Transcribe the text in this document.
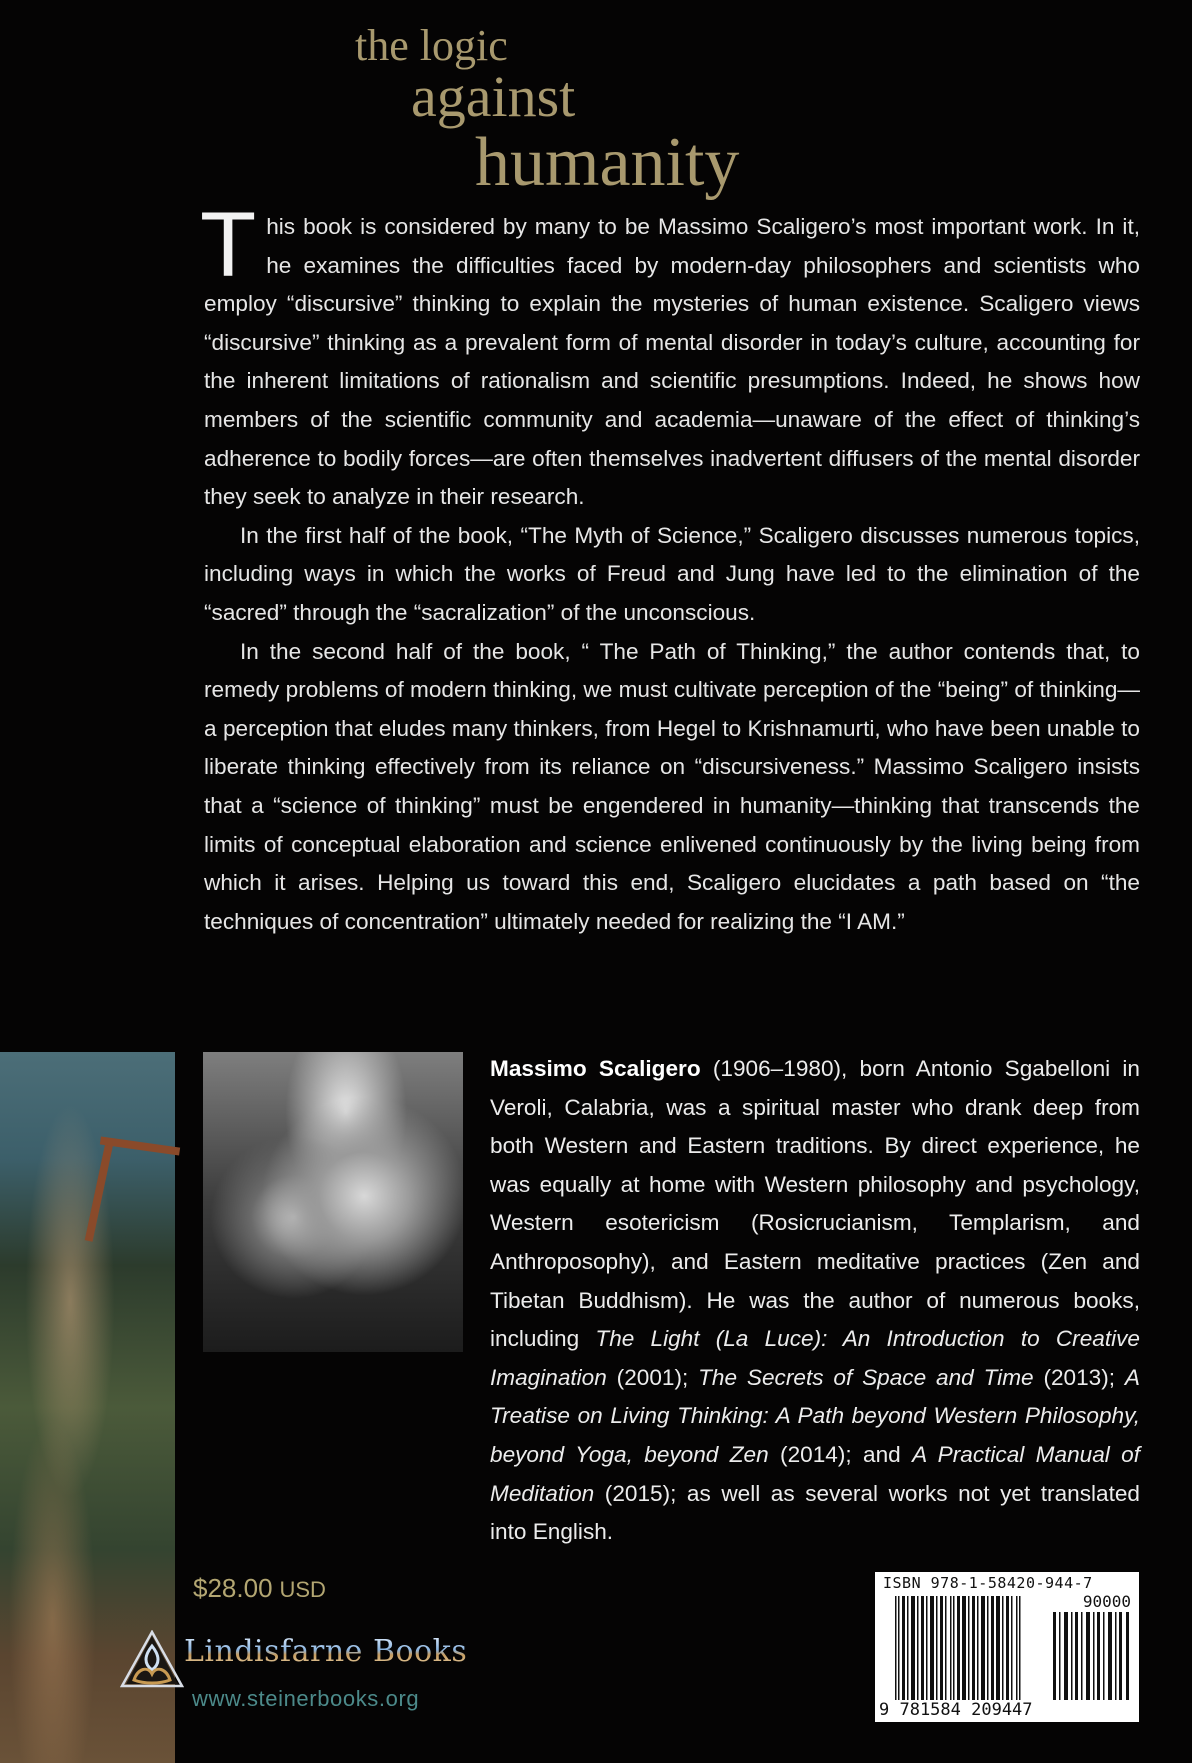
the logic
against
humanity

This book is considered by many to be Massimo Scaligero’s most important work. In it, he examines the difficulties faced by modern-day philosophers and scientists who employ “discursive” thinking to explain the mysteries of human existence. Scaligero views “discursive” thinking as a prevalent form of mental disorder in today’s culture, accounting for the inherent limitations of rationalism and scientific presumptions. Indeed, he shows how members of the scientific community and academia—unaware of the effect of thinking’s adherence to bodily forces—are often themselves inadvertent diffusers of the mental disorder they seek to analyze in their research.

In the first half of the book, “The Myth of Science,” Scaligero discusses numerous topics, including ways in which the works of Freud and Jung have led to the elimination of the “sacred” through the “sacralization” of the unconscious.

In the second half of the book, “ The Path of Thinking,” the author contends that, to remedy problems of modern thinking, we must cultivate perception of the “being” of thinking—a perception that eludes many thinkers, from Hegel to Krishnamurti, who have been unable to liberate thinking effectively from its reliance on “discursiveness.” Massimo Scaligero insists that a “science of thinking” must be engendered in humanity—thinking that transcends the limits of conceptual elaboration and science enlivened continuously by the living being from which it arises. Helping us toward this end, Scaligero elucidates a path based on “the techniques of concentration” ultimately needed for realizing the “I AM.”

Massimo Scaligero (1906–1980), born Antonio Sgabelloni in Veroli, Calabria, was a spiritual master who drank deep from both Western and Eastern traditions. By direct experience, he was equally at home with Western philosophy and psychology, Western esotericism (Rosicrucianism, Templarism, and Anthroposophy), and Eastern meditative practices (Zen and Tibetan Buddhism). He was the author of numerous books, including The Light (La Luce): An Introduction to Creative Imagination (2001); The Secrets of Space and Time (2013); A Treatise on Living Thinking: A Path beyond Western Philosophy, beyond Yoga, beyond Zen (2014); and A Practical Manual of Meditation (2015); as well as several works not yet translated into English.

$28.00 USD
Lindisfarne Books
www.steinerbooks.org
ISBN 978-1-58420-944-7
90000
9 781584 209447
